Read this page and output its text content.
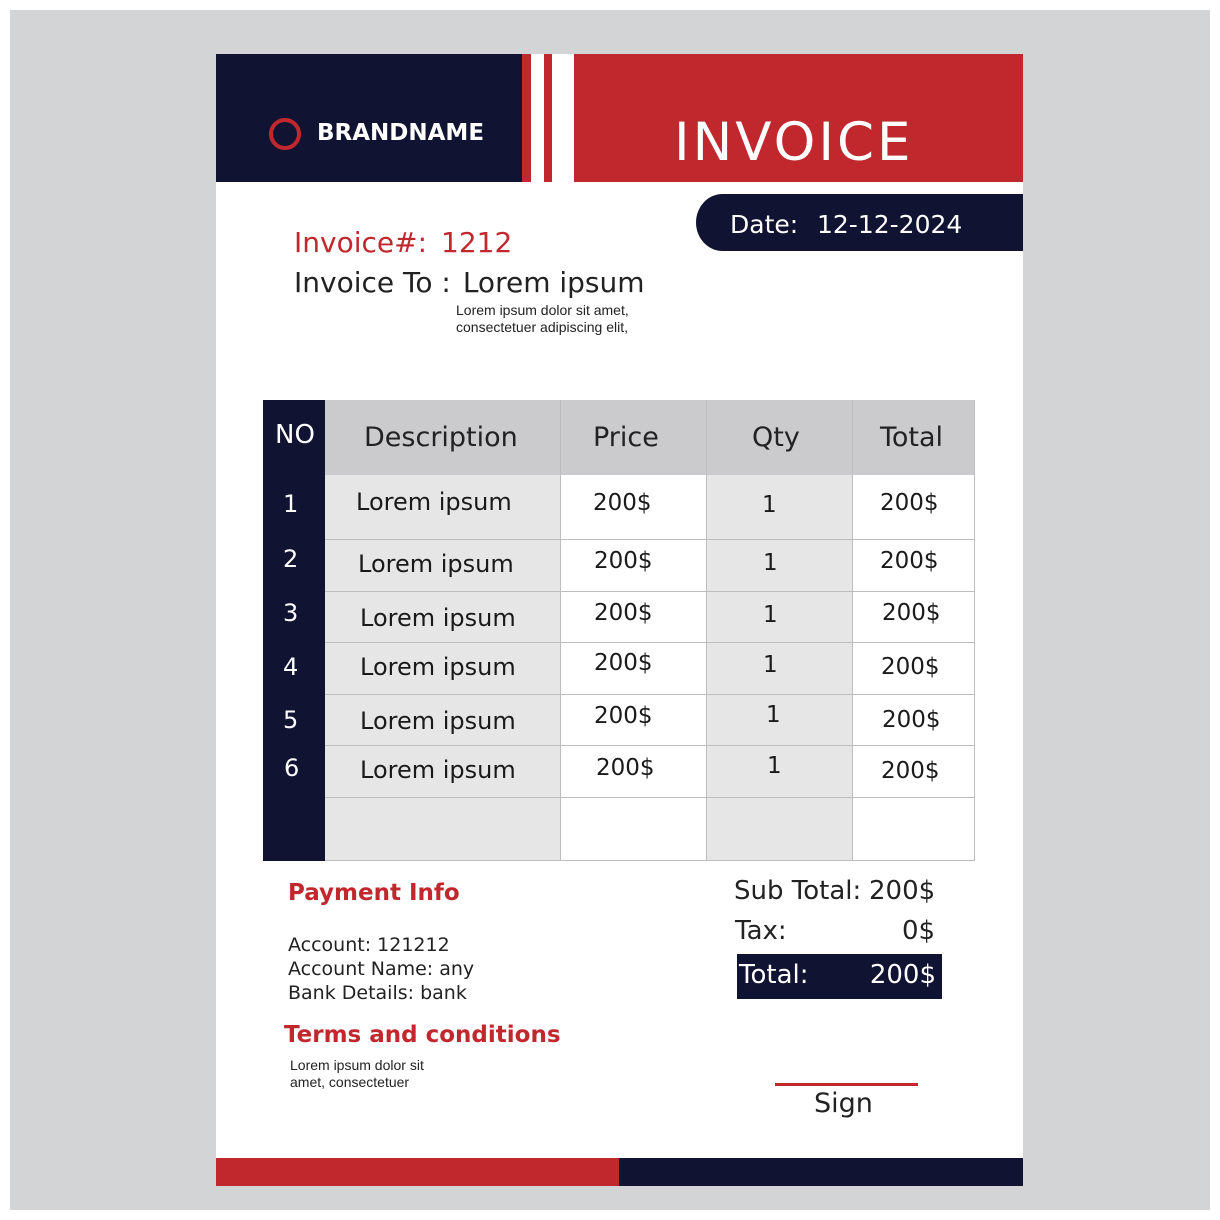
BRANDNAME	INVOICE
Date: 12-12-2024
Invoice#: 1212
Invoice To : Lorem ipsum
Lorem ipsum dolor sit amet,
consectetuer adipiscing elit,
NO Description	Price	Qty	Total
1 Lorem ipsum	200$	1	200$
2 Lorem ipsum	200$	1	200$
3	Lorem ipsum	200$	1	200$
4	Lorem ipsum	200$	1	200$
5	Lorem ipsum	200$	1	200$
6	Lorem ipsum	200$	1	200$
Payment Info
Account: 121212
Account Name: any
Bank Details: bank
Terms and conditions
Lorem ipsum dolor sit amet, consectetuer
Sub Total: 200$
Tax:	0$
Total: 200$
Sign
